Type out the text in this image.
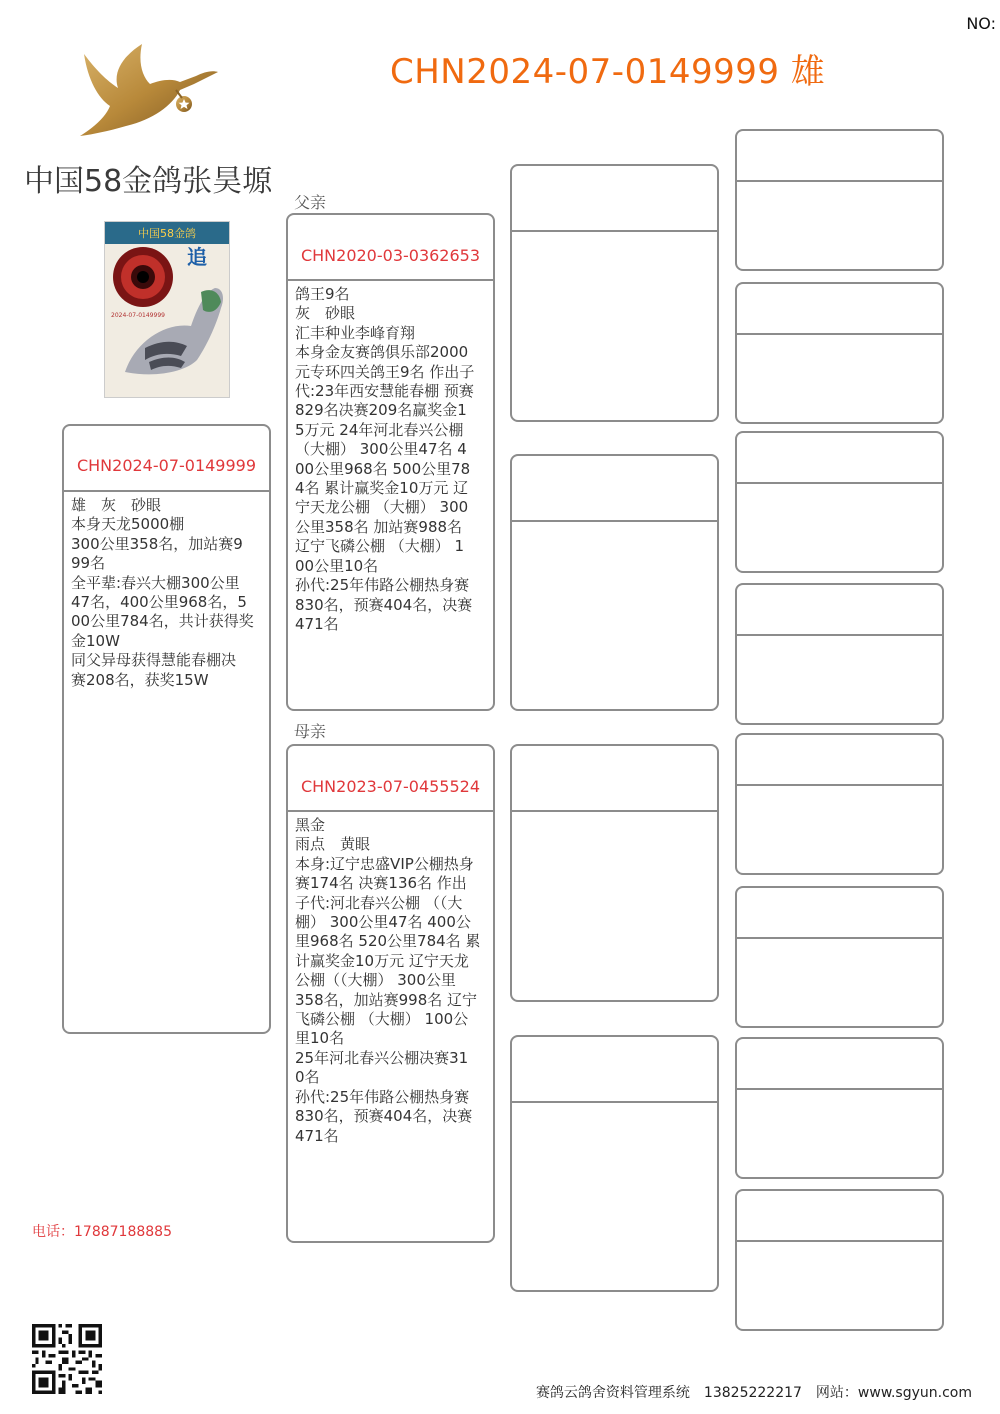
NO:
CHN2024-07-0149999 雄
中国58金鸽张昊塬
中国58金鸽
追
2024-07-0149999
CHN2024-07-0149999
雄　灰　砂眼
本身天龙5000棚
300公里358名，加站赛9
99名
全平辈:春兴大棚300公里
47名，400公里968名，5
00公里784名，共计获得奖
金10W
同父异母获得慧能春棚决
赛208名，获奖15W
父亲
CHN2020-03-0362653
鸽王9名
灰　砂眼
汇丰种业李峰育翔
本身金友赛鸽俱乐部2000
元专环四关鸽王9名 作出子
代:23年西安慧能春棚 预赛
829名决赛209名赢奖金1
5万元 24年河北春兴公棚
（大棚） 300公里47名 4
00公里968名 500公里78
4名 累计赢奖金10万元 辽
宁天龙公棚 （大棚） 300
公里358名 加站赛988名
辽宁飞磷公棚 （大棚） 1
00公里10名
孙代:25年伟路公棚热身赛
830名，预赛404名，决赛
471名
母亲
CHN2023-07-0455524
黑金
雨点　黄眼
本身:辽宁忠盛VIP公棚热身
赛174名 决赛136名 作出
子代:河北春兴公棚 （（大
棚） 300公里47名 400公
里968名 520公里784名 累
计赢奖金10万元 辽宁天龙
公棚（（大棚） 300公里
358名，加站赛998名 辽宁
飞磷公棚 （大棚） 100公
里10名
25年河北春兴公棚决赛31
0名
孙代:25年伟路公棚热身赛
830名，预赛404名，决赛
471名
电话：17887188885
赛鸽云鸽舍资料管理系统　13825222217　网站：www.sgyun.com
